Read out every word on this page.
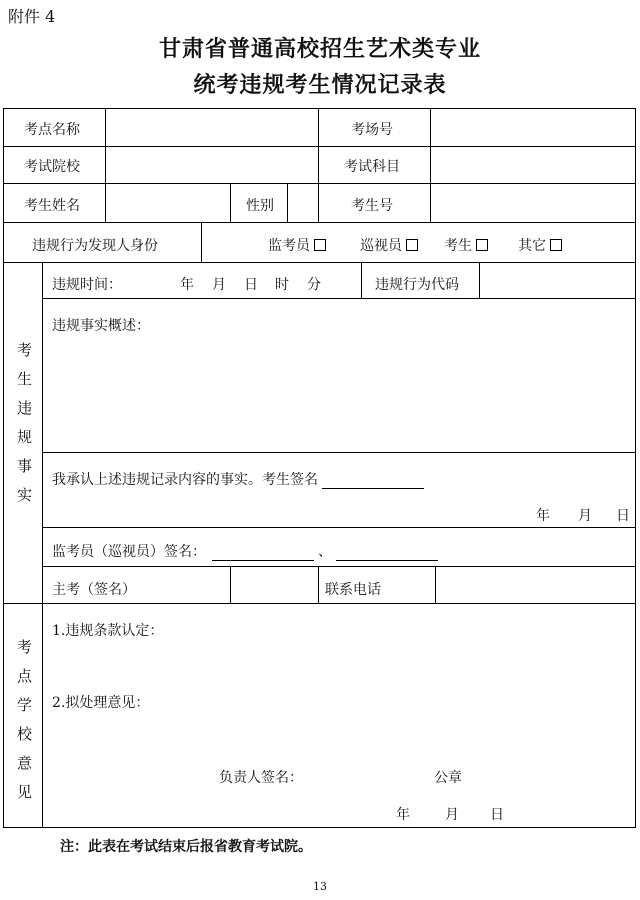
附件 4
甘肃省普通高校招生艺术类专业
统考违规考生情况记录表
考点名称	考场号
考试院校	考试科目
考生姓名	性别	考生号
违规行为发现人身份	监考员	巡视员	考生	其它
考生违规事实
考点学校意见
违规时间：	年 月 日 时 分	违规行为代码
违规事实概述：
我承认上述违规记录内容的事实。考生签名
年 月 日
监考员（巡视员）签名：	、
主考（签名）	联系电话
1.违规条款认定：
2.拟处理意见：
负责人签名：	公章
年	月 日
注：此表在考试结束后报省教育考试院。
13
